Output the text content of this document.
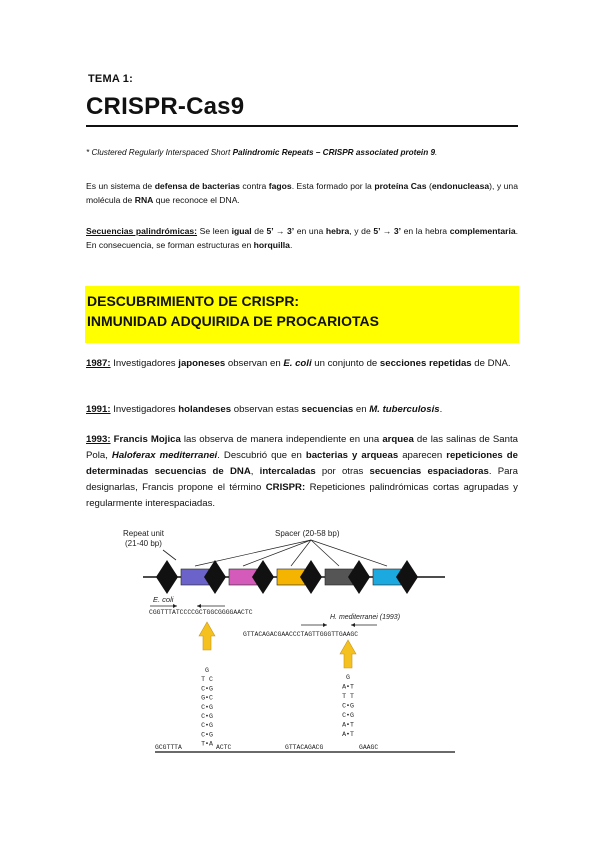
TEMA 1:
CRISPR-Cas9
* Clustered Regularly Interspaced Short Palindromic Repeats – CRISPR associated protein 9.
Es un sistema de defensa de bacterias contra fagos. Esta formado por la proteína Cas (endonucleasa), y una molécula de RNA que reconoce el DNA.
Secuencias palindrómicas: Se leen igual de 5’ → 3’ en una hebra, y de 5’ → 3’ en la hebra complementaria. En consecuencia, se forman estructuras en horquilla.
DESCUBRIMIENTO DE CRISPR:
INMUNIDAD ADQUIRIDA DE PROCARIOTAS
1987: Investigadores japoneses observan en E. coli un conjunto de secciones repetidas de DNA.
1991: Investigadores holandeses observan estas secuencias en M. tuberculosis.
1993: Francis Mojica las observa de manera independiente en una arquea de las salinas de Santa Pola, Haloferax mediterranei. Descubrió que en bacterias y arqueas aparecen repeticiones de determinadas secuencias de DNA, intercaladas por otras secuencias espaciadoras. Para designarlas, Francis propone el término CRISPR: Repeticiones palindrómicas cortas agrupadas y regularmente interespaciadas.
Repeat unit
(21-40 bp)
Spacer (20-58 bp)
E. coli
CGGTTTATCCCCGCTGGCGGGGAACTC
H. mediterranei (1993)
GTTACAGACGAACCCTAGTTGGGTTGAAGC
G
T C
C•G
G•C
C•G
C•G
C•G
C•G
T•A
G
A•T
T T
C•G
C•G
A•T
A•T
GCGTTTA	ACTC	GTTACAGACG	GAAGC
